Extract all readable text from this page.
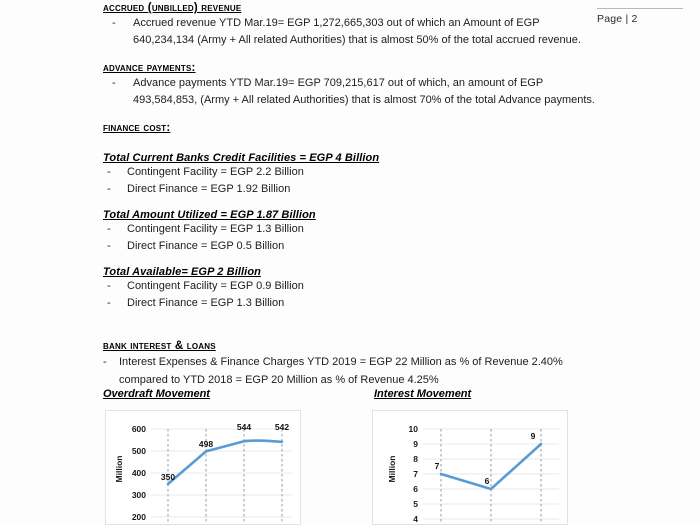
Page | 2
accrued (unbilled) revenue
- Accrued revenue YTD Mar.19= EGP 1,272,665,303 out of which an Amount of EGP 640,234,134 (Army + All related Authorities) that is almost 50% of the total accrued revenue.
advance payments:
- Advance payments YTD Mar.19= EGP 709,215,617 out of which, an amount of EGP 493,584,853, (Army + All related Authorities) that is almost 70% of the total Advance payments.
finance cost:
Total Current Banks Credit Facilities = EGP 4 Billion
- Contingent Facility = EGP 2.2 Billion
- Direct Finance = EGP 1.92 Billion
Total Amount Utilized = EGP 1.87 Billion
- Contingent Facility = EGP 1.3 Billion
- Direct Finance = EGP 0.5 Billion
Total Available= EGP 2 Billion
- Contingent Facility = EGP 0.9 Billion
- Direct Finance = EGP 1.3 Billion
bank interest & loans
- Interest Expenses & Finance Charges YTD 2019 = EGP 22 Million as % of Revenue 2.40% compared to YTD 2018 = EGP 20 Million as % of Revenue 4.25%
Overdraft Movement	Interest Movement
Million
600
500
400
300
200
350
498
544	542
Million
10
9
8
7
6
5
4
7
6
9
